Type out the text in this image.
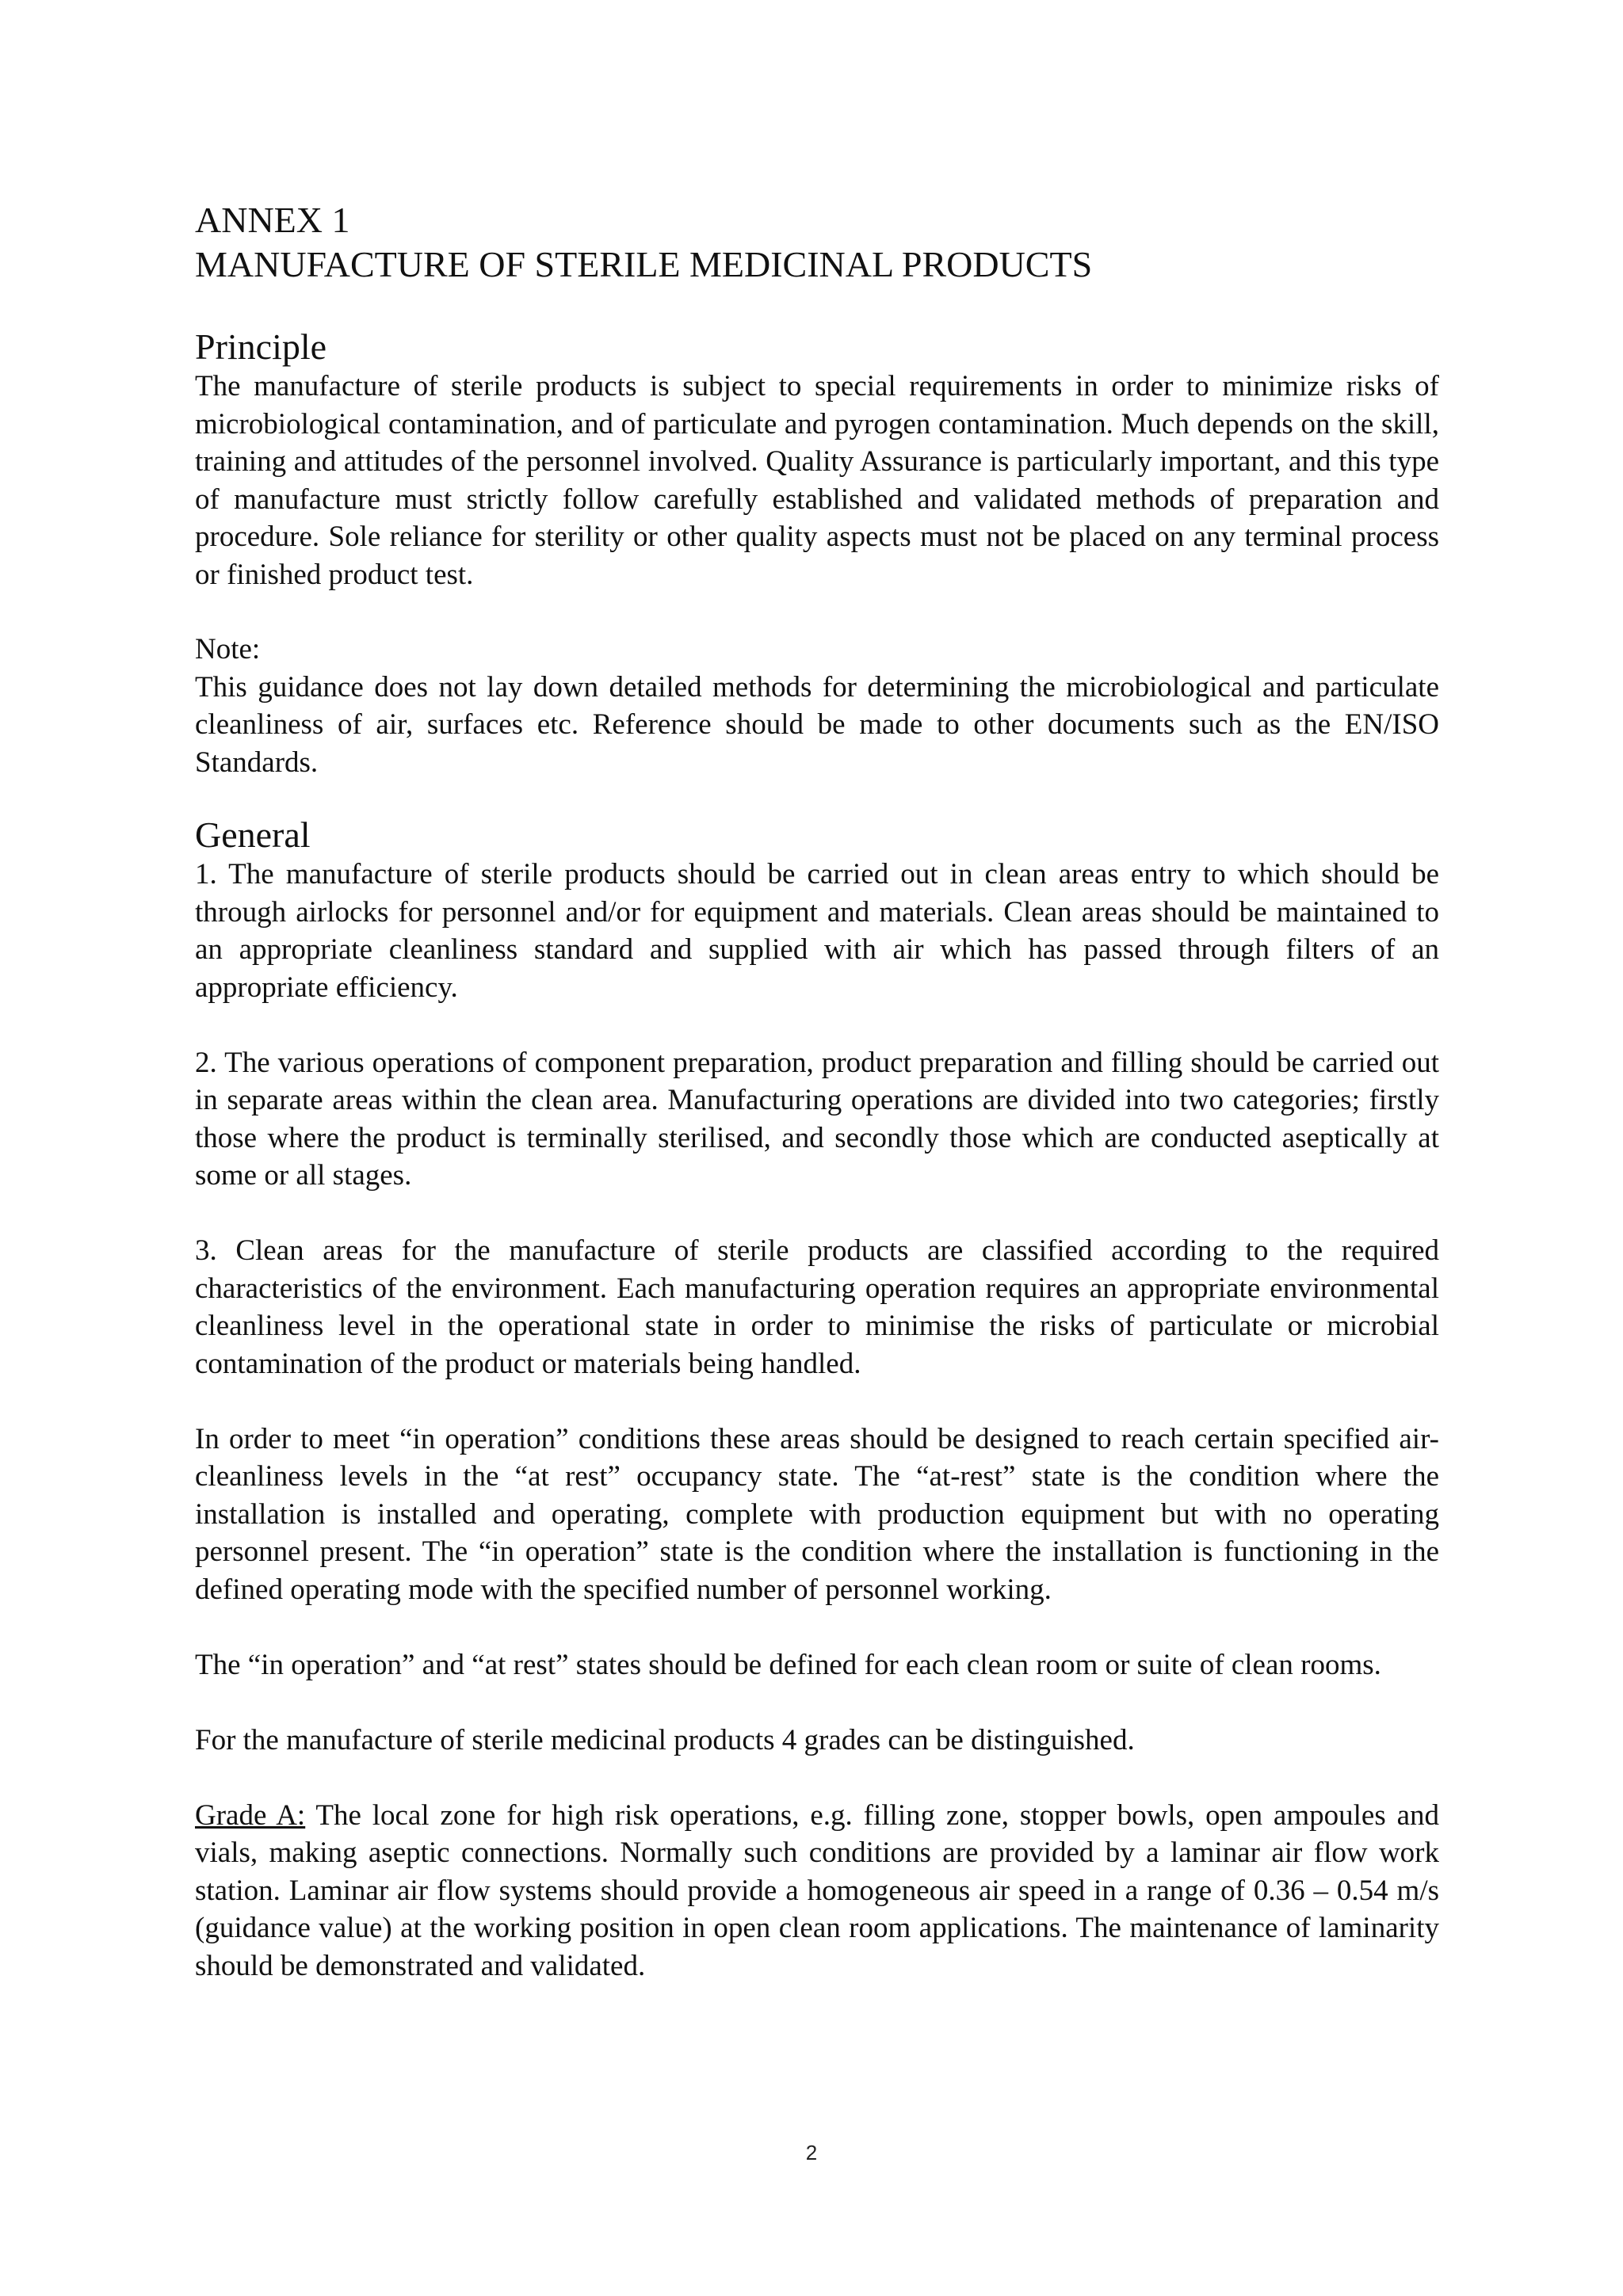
ANNEX 1
MANUFACTURE OF STERILE MEDICINAL PRODUCTS
Principle

The manufacture of sterile products is subject to special requirements in order to minimize risks of microbiological contamination, and of particulate and pyrogen contamination. Much depends on the skill, training and attitudes of the personnel involved. Quality Assurance is particularly important, and this type of manufacture must strictly follow carefully established and validated methods of preparation and procedure. Sole reliance for sterility or other quality aspects must not be placed on any terminal process or finished product test.

Note:

This guidance does not lay down detailed methods for determining the microbiological and particulate cleanliness of air, surfaces etc. Reference should be made to other documents such as the EN/ISO Standards.

General

1. The manufacture of sterile products should be carried out in clean areas entry to which should be through airlocks for personnel and/or for equipment and materials. Clean areas should be maintained to an appropriate cleanliness standard and supplied with air which has passed through filters of an appropriate efficiency.

2. The various operations of component preparation, product preparation and filling should be carried out in separate areas within the clean area. Manufacturing operations are divided into two categories; firstly those where the product is terminally sterilised, and secondly those which are conducted aseptically at some or all stages.

3. Clean areas for the manufacture of sterile products are classified according to the required characteristics of the environment. Each manufacturing operation requires an appropriate environmental cleanliness level in the operational state in order to minimise the risks of particulate or microbial contamination of the product or materials being handled.

In order to meet “in operation” conditions these areas should be designed to reach certain specified air-cleanliness levels in the “at rest” occupancy state. The “at-rest” state is the condition where the installation is installed and operating, complete with production equipment but with no operating personnel present. The “in operation” state is the condition where the installation is functioning in the defined operating mode with the specified number of personnel working.

The “in operation” and “at rest” states should be defined for each clean room or suite of clean rooms.

For the manufacture of sterile medicinal products 4 grades can be distinguished.

Grade A: The local zone for high risk operations, e.g. filling zone, stopper bowls, open ampoules and vials, making aseptic connections. Normally such conditions are provided by a laminar air flow work station. Laminar air flow systems should provide a homogeneous air speed in a range of 0.36 – 0.54 m/s (guidance value) at the working position in open clean room applications. The maintenance of laminarity should be demonstrated and validated.

2
